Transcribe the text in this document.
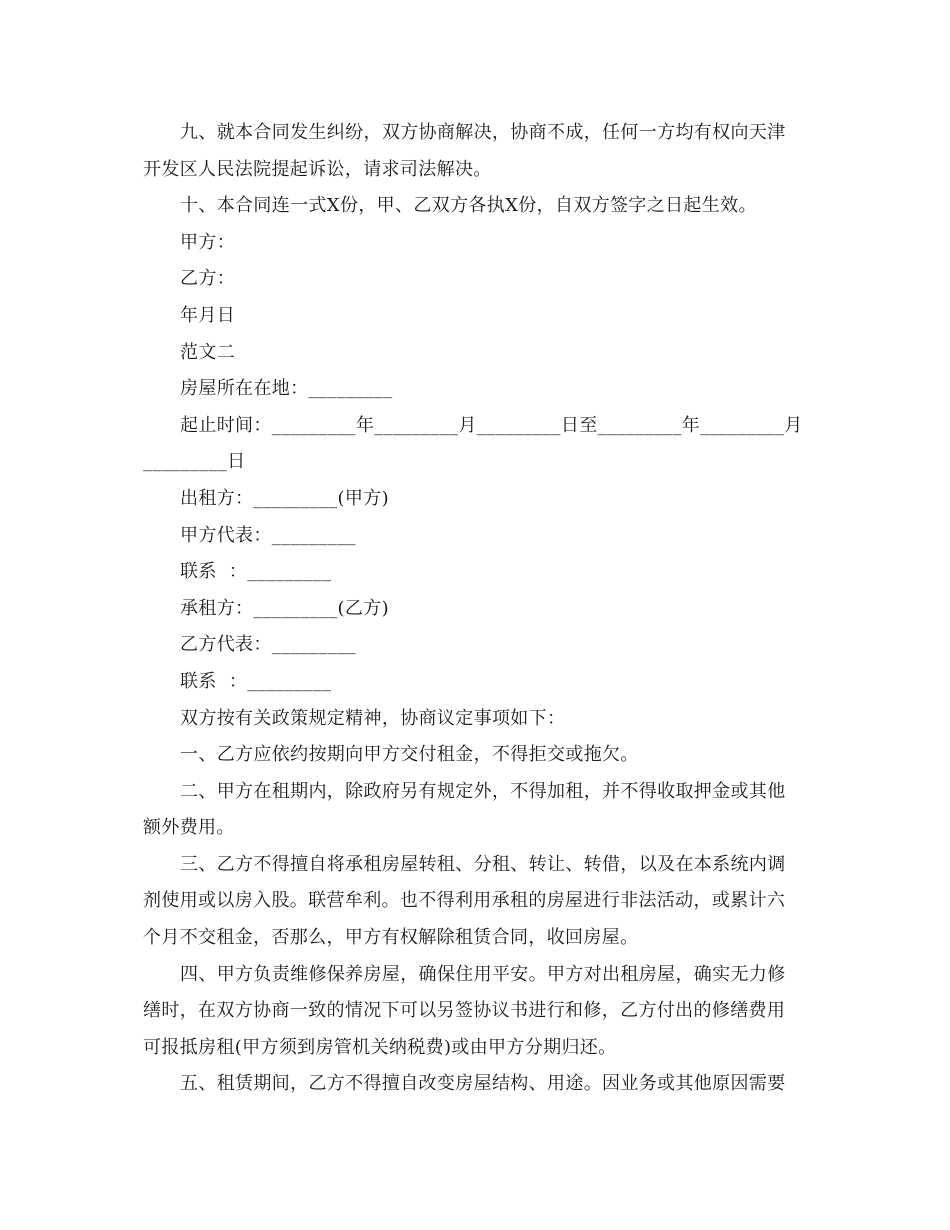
九、就本合同发生纠纷，双方协商解决，协商不成，任何一方均有权向天津开发区人民法院提起诉讼，请求司法解决。

十、本合同连一式X份，甲、乙双方各执X份，自双方签字之日起生效。

甲方：

乙方：

年月日

范文二

房屋所在在地：_________

起止时间：_________年_________月_________日至_________年_________月_________日

出租方：_________(甲方)

甲方代表：_________

联系  ：_________

承租方：_________(乙方)

乙方代表：_________

联系  ：_________

双方按有关政策规定精神，协商议定事项如下：

一、乙方应依约按期向甲方交付租金，不得拒交或拖欠。

二、甲方在租期内，除政府另有规定外，不得加租，并不得收取押金或其他额外费用。

三、乙方不得擅自将承租房屋转租、分租、转让、转借，以及在本系统内调剂使用或以房入股。联营牟利。也不得利用承租的房屋进行非法活动，或累计六个月不交租金，否那么，甲方有权解除租赁合同，收回房屋。

四、甲方负责维修保养房屋，确保住用平安。甲方对出租房屋，确实无力修缮时，在双方协商一致的情况下可以另签协议书进行和修，乙方付出的修缮费用可报抵房租(甲方须到房管机关纳税费)或由甲方分期归还。

五、租赁期间，乙方不得擅自改变房屋结构、用途。因业务或其他原因需要
